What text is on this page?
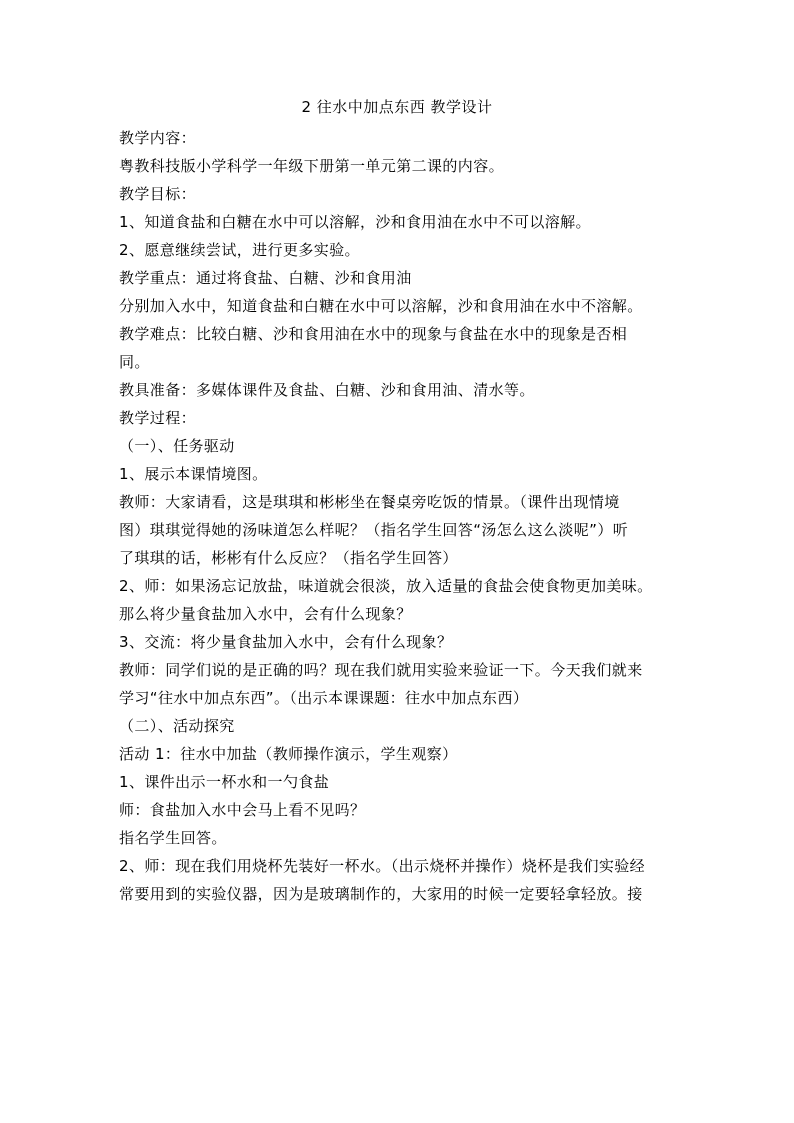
2 往水中加点东西 教学设计
教学内容：
粤教科技版小学科学一年级下册第一单元第二课的内容。
教学目标：
1、知道食盐和白糖在水中可以溶解，沙和食用油在水中不可以溶解。
2、愿意继续尝试，进行更多实验。
教学重点：通过将食盐、白糖、沙和食用油
分别加入水中，知道食盐和白糖在水中可以溶解，沙和食用油在水中不溶解。
教学难点：比较白糖、沙和食用油在水中的现象与食盐在水中的现象是否相
同。
教具准备：多媒体课件及食盐、白糖、沙和食用油、清水等。
教学过程：
（一）、任务驱动
1、展示本课情境图。
教师：大家请看，这是琪琪和彬彬坐在餐桌旁吃饭的情景。（课件出现情境
图）琪琪觉得她的汤味道怎么样呢？（指名学生回答“汤怎么这么淡呢”）听
了琪琪的话，彬彬有什么反应？（指名学生回答）
2、师：如果汤忘记放盐，味道就会很淡，放入适量的食盐会使食物更加美味。
那么将少量食盐加入水中，会有什么现象？
3、交流：将少量食盐加入水中，会有什么现象？
教师：同学们说的是正确的吗？现在我们就用实验来验证一下。今天我们就来
学习“往水中加点东西”。（出示本课课题：往水中加点东西）
（二）、活动探究
活动 1：往水中加盐（教师操作演示，学生观察）
1、课件出示一杯水和一勺食盐
师：食盐加入水中会马上看不见吗？
指名学生回答。
2、师：现在我们用烧杯先装好一杯水。（出示烧杯并操作）烧杯是我们实验经
常要用到的实验仪器，因为是玻璃制作的，大家用的时候一定要轻拿轻放。接
